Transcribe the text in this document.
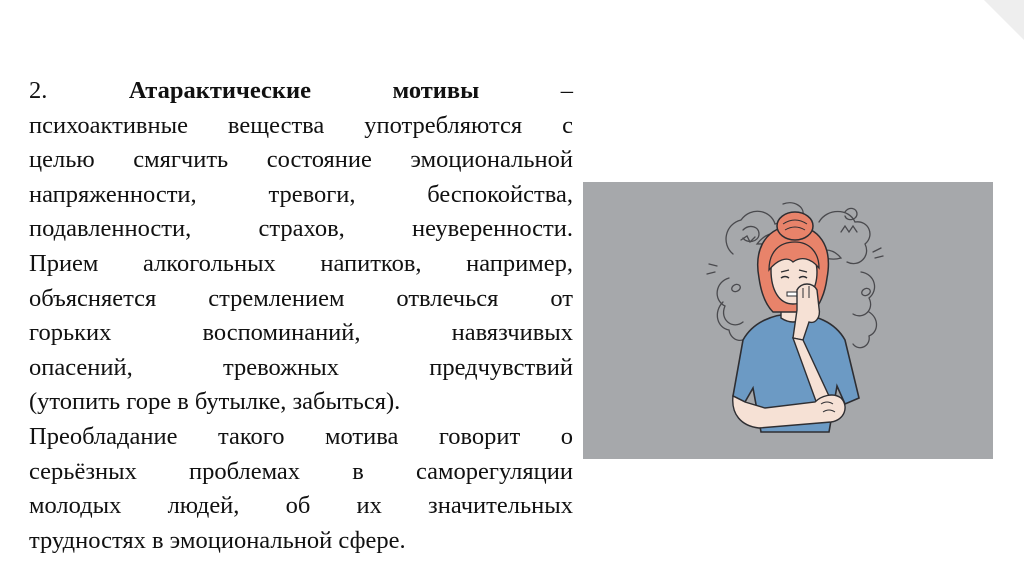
2.	Атарактические	мотивы	–
психоактивные вещества употребляются с
целью смягчить состояние эмоциональной
напряженности,	тревоги,	беспокойства,
подавленности,	страхов,	неуверенности.
Прием алкогольных напитков, например,
объясняется стремлением отвлечься от
горьких	воспоминаний,	навязчивых
опасений,	тревожных	предчувствий
(утопить горе в бутылке, забыться).
Преобладание такого мотива говорит о
серьёзных проблемах в саморегуляции
молодых людей, об их значительных
трудностях в эмоциональной сфере.
